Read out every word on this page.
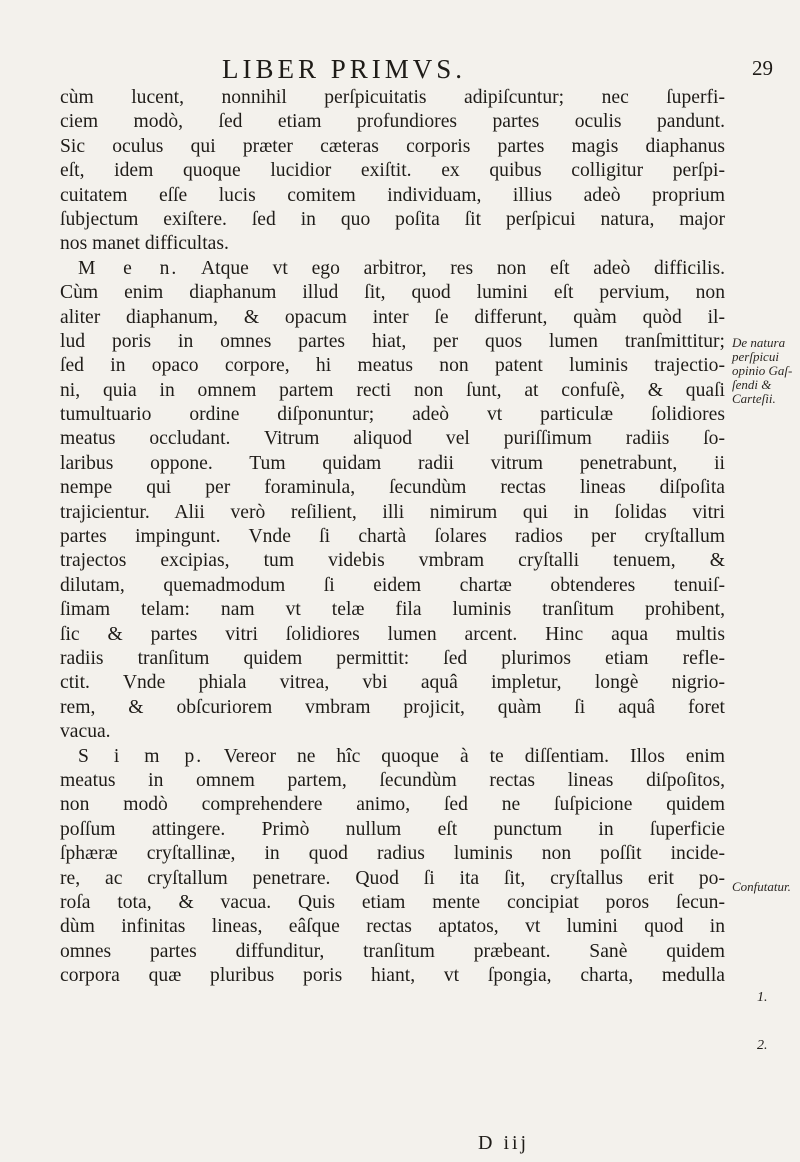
LIBER PRIMVS.	29
cùm lucent, nonnihil perſpicuitatis adipiſcuntur; nec ſuperfi-
ciem modò, ſed etiam profundiores partes oculis pandunt.
Sic oculus qui præter cæteras corporis partes magis diaphanus
eſt, idem quoque lucidior exiſtit. ex quibus colligitur perſpi-
cuitatem eſſe lucis comitem individuam, illius adeò proprium
ſubjectum exiſtere. ſed in quo poſita ſit perſpicui natura, major
nos manet difficultas.
M e n. Atque vt ego arbitror, res non eſt adeò difficilis.
Cùm enim diaphanum illud ſit, quod lumini eſt pervium, non
aliter diaphanum, & opacum inter ſe differunt, quàm quòd il-
lud poris in omnes partes hiat, per quos lumen tranſmittitur;
ſed in opaco corpore, hi meatus non patent luminis trajectio-
ni, quia in omnem partem recti non ſunt, at confuſè, & quaſi
tumultuario ordine diſponuntur; adeò vt particulæ ſolidiores
meatus occludant. Vitrum aliquod vel puriſſimum radiis ſo-
laribus oppone. Tum quidam radii vitrum penetrabunt, ii
nempe qui per foraminula, ſecundùm rectas lineas diſpoſita
trajicientur. Alii verò reſilient, illi nimirum qui in ſolidas vitri
partes impingunt. Vnde ſi chartà ſolares radios per cryſtallum
trajectos excipias, tum videbis vmbram cryſtalli tenuem, &
dilutam, quemadmodum ſi eidem chartæ obtenderes tenuiſ-
ſimam telam: nam vt telæ fila luminis tranſitum prohibent,
ſic & partes vitri ſolidiores lumen arcent. Hinc aqua multis
radiis tranſitum quidem permittit: ſed plurimos etiam refle-
ctit. Vnde phiala vitrea, vbi aquâ impletur, longè nigrio-
rem, & obſcuriorem vmbram projicit, quàm ſi aquâ foret
vacua.
S i m p. Vereor ne hîc quoque à te diſſentiam. Illos enim
meatus in omnem partem, ſecundùm rectas lineas diſpoſitos,
non modò comprehendere animo, ſed ne ſuſpicione quidem
poſſum attingere. Primò nullum eſt punctum in ſuperficie
ſphæræ cryſtallinæ, in quod radius luminis non poſſit incide-
re, ac cryſtallum penetrare. Quod ſi ita ſit, cryſtallus erit po-
roſa tota, & vacua. Quis etiam mente concipiat poros ſecun-
dùm infinitas lineas, eâſque rectas aptatos, vt lumini quod in
omnes partes diffunditur, tranſitum præbeant. Sanè quidem
corpora quæ pluribus poris hiant, vt ſpongia, charta, medulla
De natura
perſpicui
opinio Gaſ-
ſendi &
Carteſii.
Confutatur.
1.
2.
D iij
